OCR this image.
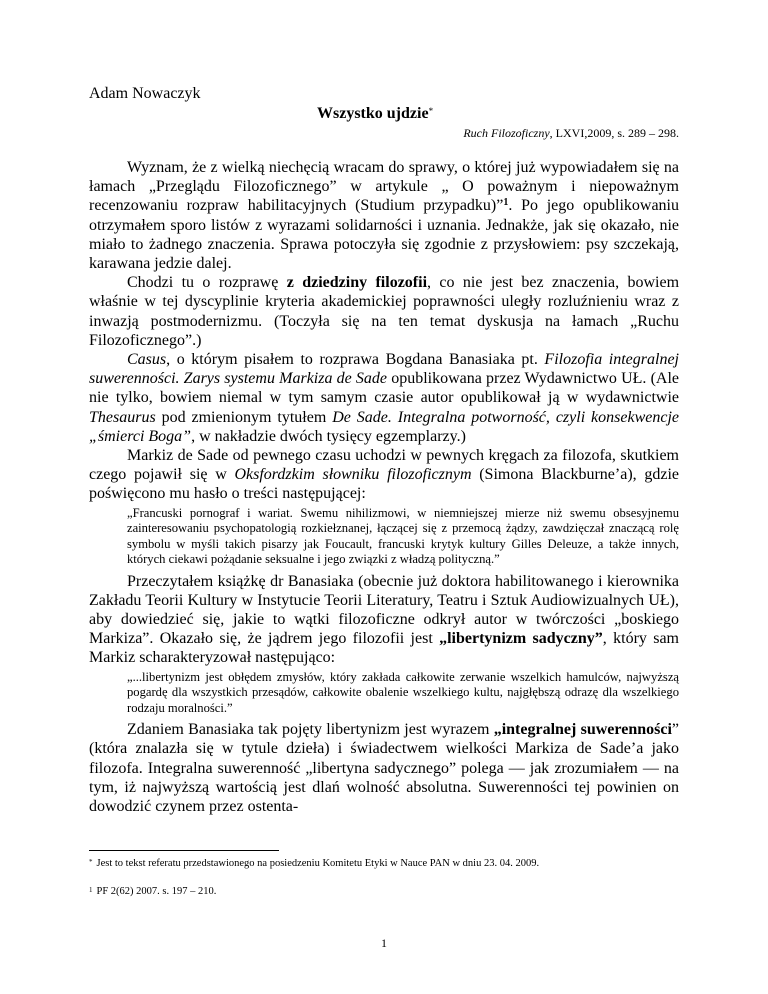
Adam Nowaczyk

Wszystko ujdzie*

Ruch Filozoficzny, LXVI,2009, s. 289 – 298.

Wyznam, że z wielką niechęcią wracam do sprawy, o której już wypowiadałem się na łamach „Przeglądu Filozoficznego” w artykule „ O poważnym i niepoważnym recenzowaniu rozpraw habilitacyjnych (Studium przypadku)”$^1$. Po jego opublikowaniu otrzymałem sporo listów z wyrazami solidarności i uznania. Jednakże, jak się okazało, nie miało to żadnego znaczenia. Sprawa potoczyła się zgodnie z przysłowiem: psy szczekają, karawana jedzie dalej.

Chodzi tu o rozprawę z dziedziny filozofii, co nie jest bez znaczenia, bowiem właśnie w tej dyscyplinie kryteria akademickiej poprawności uległy rozluźnieniu wraz z inwazją postmodernizmu. (Toczyła się na ten temat dyskusja na łamach „Ruchu Filozoficznego”.)

Casus, o którym pisałem to rozprawa Bogdana Banasiaka pt. Filozofia integralnej suwerenności. Zarys systemu Markiza de Sade opublikowana przez Wydawnictwo UŁ. (Ale nie tylko, bowiem niemal w tym samym czasie autor opublikował ją w wydawnictwie Thesaurus pod zmienionym tytułem De Sade. Integralna potworność, czyli konsekwencje „śmierci Boga”, w nakładzie dwóch tysięcy egzemplarzy.)

Markiz de Sade od pewnego czasu uchodzi w pewnych kręgach za filozofa, skutkiem czego pojawił się w Oksfordzkim słowniku filozoficznym (Simona Blackburne’a), gdzie poświęcono mu hasło o treści następującej:

„Francuski pornograf i wariat. Swemu nihilizmowi, w niemniejszej mierze niż swemu obsesyjnemu zainteresowaniu psychopatologią rozkiełznanej, łączącej się z przemocą żądzy, zawdzięczał znaczącą rolę symbolu w myśli takich pisarzy jak Foucault, francuski krytyk kultury Gilles Deleuze, a także innych, których ciekawi pożądanie seksualne i jego związki z władzą polityczną.”

Przeczytałem książkę dr Banasiaka (obecnie już doktora habilitowanego i kierownika Zakładu Teorii Kultury w Instytucie Teorii Literatury, Teatru i Sztuk Audiowizualnych UŁ), aby dowiedzieć się, jakie to wątki filozoficzne odkrył autor w twórczości „boskiego Markiza”. Okazało się, że jądrem jego filozofii jest „libertynizm sadyczny”, który sam Markiz scharakteryzował następująco:

„...libertynizm jest obłędem zmysłów, który zakłada całkowite zerwanie wszelkich hamulców, najwyższą pogardę dla wszystkich przesądów, całkowite obalenie wszelkiego kultu, najgłębszą odrazę dla wszelkiego rodzaju moralności.”

Zdaniem Banasiaka tak pojęty libertynizm jest wyrazem „integralnej suwerenności” (która znalazła się w tytule dzieła) i świadectwem wielkości Markiza de Sade’a jako filozofa. Integralna suwerenność „libertyna sadycznego” polega — jak zrozumiałem — na tym, iż najwyższą wartością jest dlań wolność absolutna. Suwerenności tej powinien on dowodzić czynem przez ostenta-

* Jest to tekst referatu przedstawionego na posiedzeniu Komitetu Etyki w Nauce PAN w dniu 23. 04. 2009.

$^1$ PF 2(62) 2007. s. 197 – 210.

1
